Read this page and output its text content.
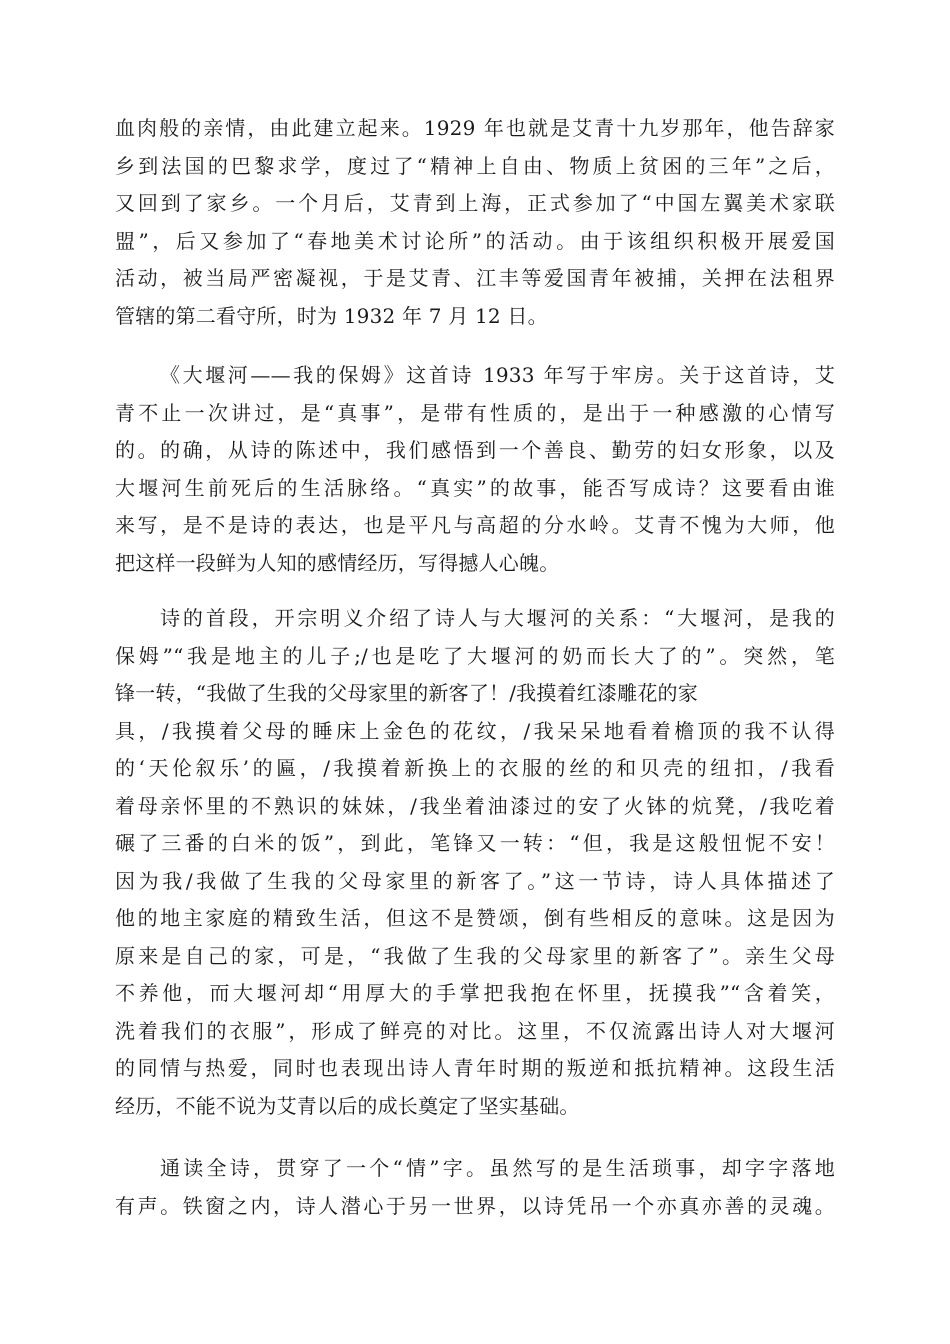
血肉般的亲情，由此建立起来。1929 年也就是艾青十九岁那年，他告辞家
乡到法国的巴黎求学，度过了“精神上自由、物质上贫困的三年”之后，
又回到了家乡。一个月后，艾青到上海，正式参加了“中国左翼美术家联
盟”，后又参加了“春地美术讨论所”的活动。由于该组织积极开展爱国
活动，被当局严密凝视，于是艾青、江丰等爱国青年被捕，关押在法租界
管辖的第二看守所，时为 1932 年 7 月 12 日。
《大堰河——我的保姆》这首诗 1933 年写于牢房。关于这首诗，艾
青不止一次讲过，是“真事”，是带有性质的，是出于一种感激的心情写
的。的确，从诗的陈述中，我们感悟到一个善良、勤劳的妇女形象，以及
大堰河生前死后的生活脉络。“真实”的故事，能否写成诗？这要看由谁
来写，是不是诗的表达，也是平凡与高超的分水岭。艾青不愧为大师，他
把这样一段鲜为人知的感情经历，写得撼人心魄。
诗的首段，开宗明义介绍了诗人与大堰河的关系：“大堰河，是我的
保姆”“我是地主的儿子;/也是吃了大堰河的奶而长大了的”。突然，笔
锋一转，“我做了生我的父母家里的新客了！/我摸着红漆雕花的家
具，/我摸着父母的睡床上金色的花纹，/我呆呆地看着檐顶的我不认得
的‘天伦叙乐’的匾，/我摸着新换上的衣服的丝的和贝壳的纽扣，/我看
着母亲怀里的不熟识的妹妹，/我坐着油漆过的安了火钵的炕凳，/我吃着
碾了三番的白米的饭”，到此，笔锋又一转：“但，我是这般忸怩不安！
因为我/我做了生我的父母家里的新客了。”这一节诗，诗人具体描述了
他的地主家庭的精致生活，但这不是赞颂，倒有些相反的意味。这是因为
原来是自己的家，可是，“我做了生我的父母家里的新客了”。亲生父母
不养他，而大堰河却“用厚大的手掌把我抱在怀里，抚摸我”“含着笑，
洗着我们的衣服”，形成了鲜亮的对比。这里，不仅流露出诗人对大堰河
的同情与热爱，同时也表现出诗人青年时期的叛逆和抵抗精神。这段生活
经历，不能不说为艾青以后的成长奠定了坚实基础。
通读全诗，贯穿了一个“情”字。虽然写的是生活琐事，却字字落地
有声。铁窗之内，诗人潜心于另一世界，以诗凭吊一个亦真亦善的灵魂。
